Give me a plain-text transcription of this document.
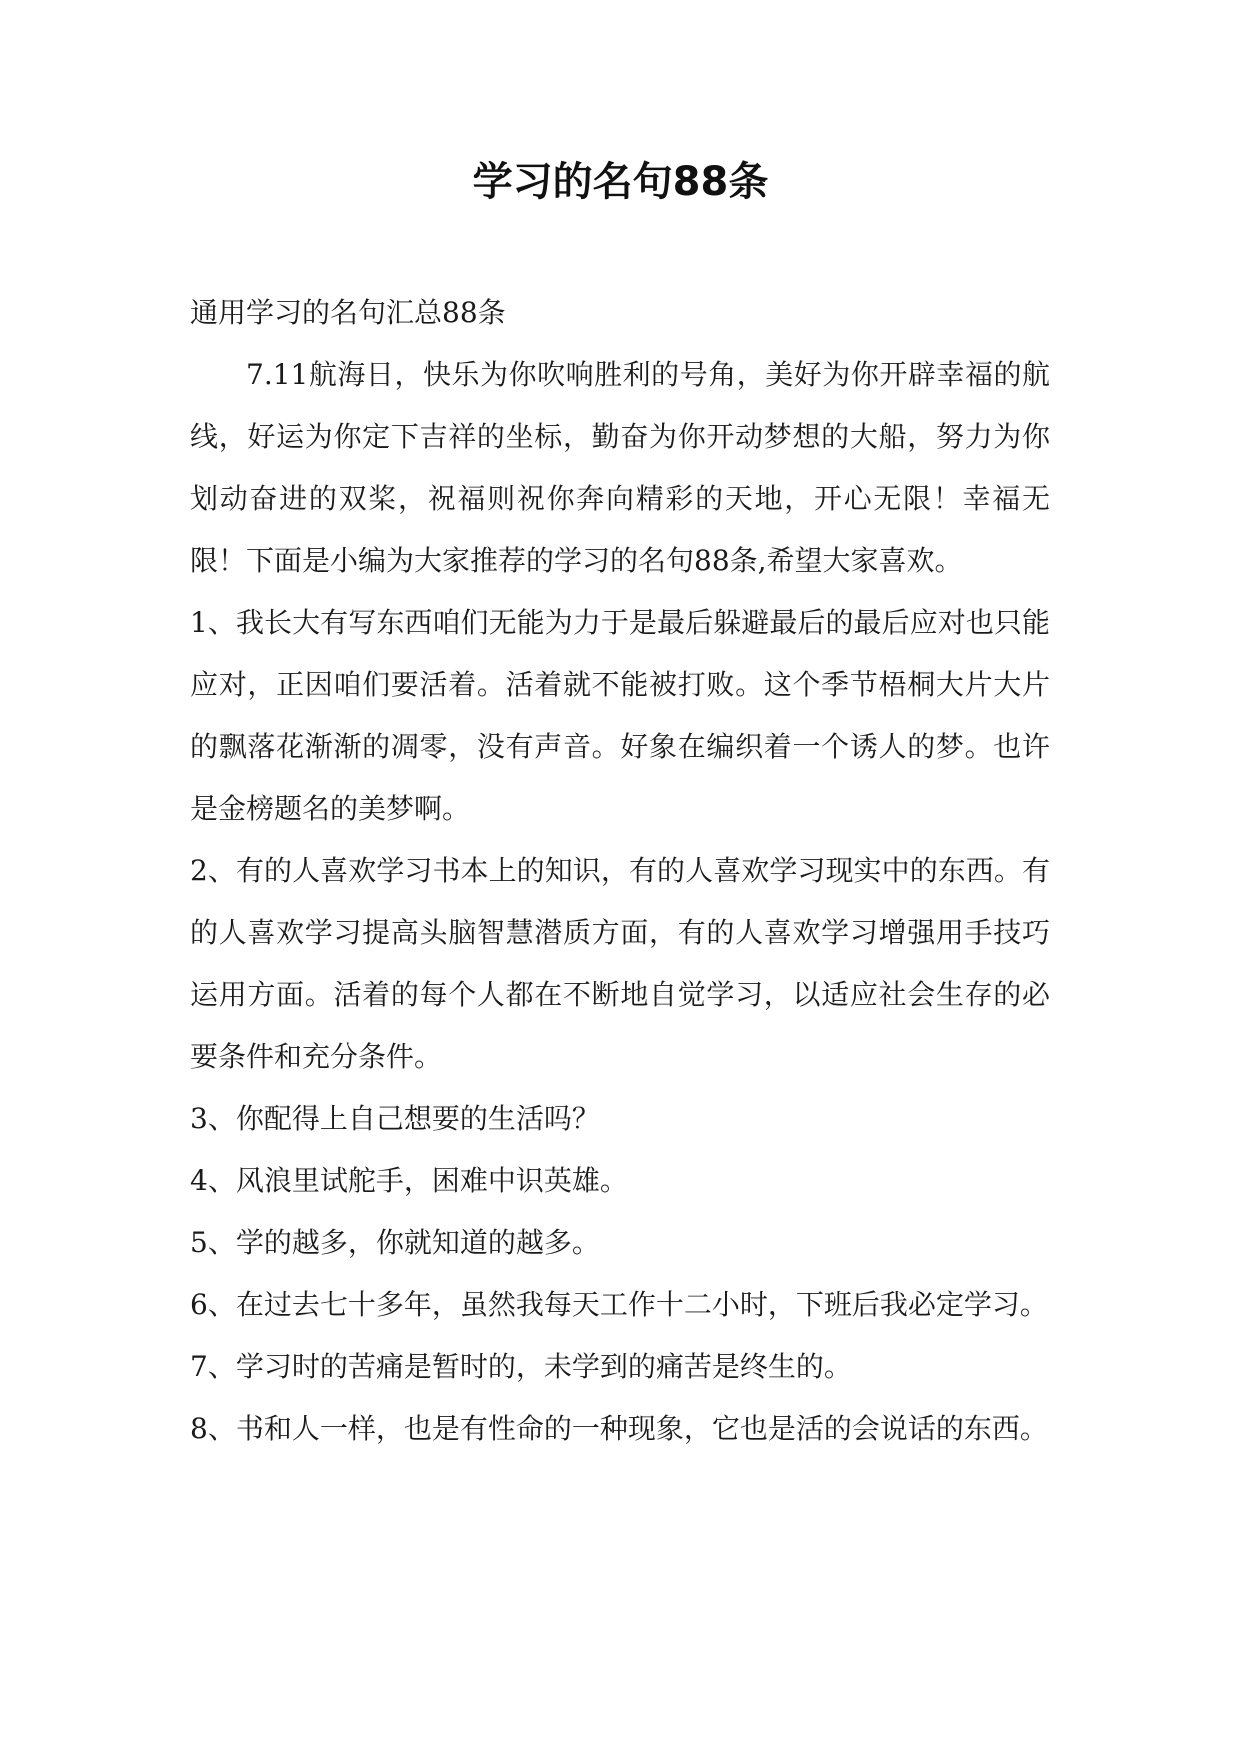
学习的名句88条

通用学习的名句汇总88条

7.11航海日，快乐为你吹响胜利的号角，美好为你开辟幸福的航线，好运为你定下吉祥的坐标，勤奋为你开动梦想的大船，努力为你划动奋进的双桨，祝福则祝你奔向精彩的天地，开心无限！幸福无限！下面是小编为大家推荐的学习的名句88条,希望大家喜欢。

1、我长大有写东西咱们无能为力于是最后躲避最后的最后应对也只能应对，正因咱们要活着。活着就不能被打败。这个季节梧桐大片大片的飘落花渐渐的凋零，没有声音。好象在编织着一个诱人的梦。也许是金榜题名的美梦啊。

2、有的人喜欢学习书本上的知识，有的人喜欢学习现实中的东西。有的人喜欢学习提高头脑智慧潜质方面，有的人喜欢学习增强用手技巧运用方面。活着的每个人都在不断地自觉学习，以适应社会生存的必要条件和充分条件。

3、你配得上自己想要的生活吗？

4、风浪里试舵手，困难中识英雄。

5、学的越多，你就知道的越多。

6、在过去七十多年，虽然我每天工作十二小时，下班后我必定学习。

7、学习时的苦痛是暂时的，未学到的痛苦是终生的。

8、书和人一样，也是有性命的一种现象，它也是活的会说话的东西。
